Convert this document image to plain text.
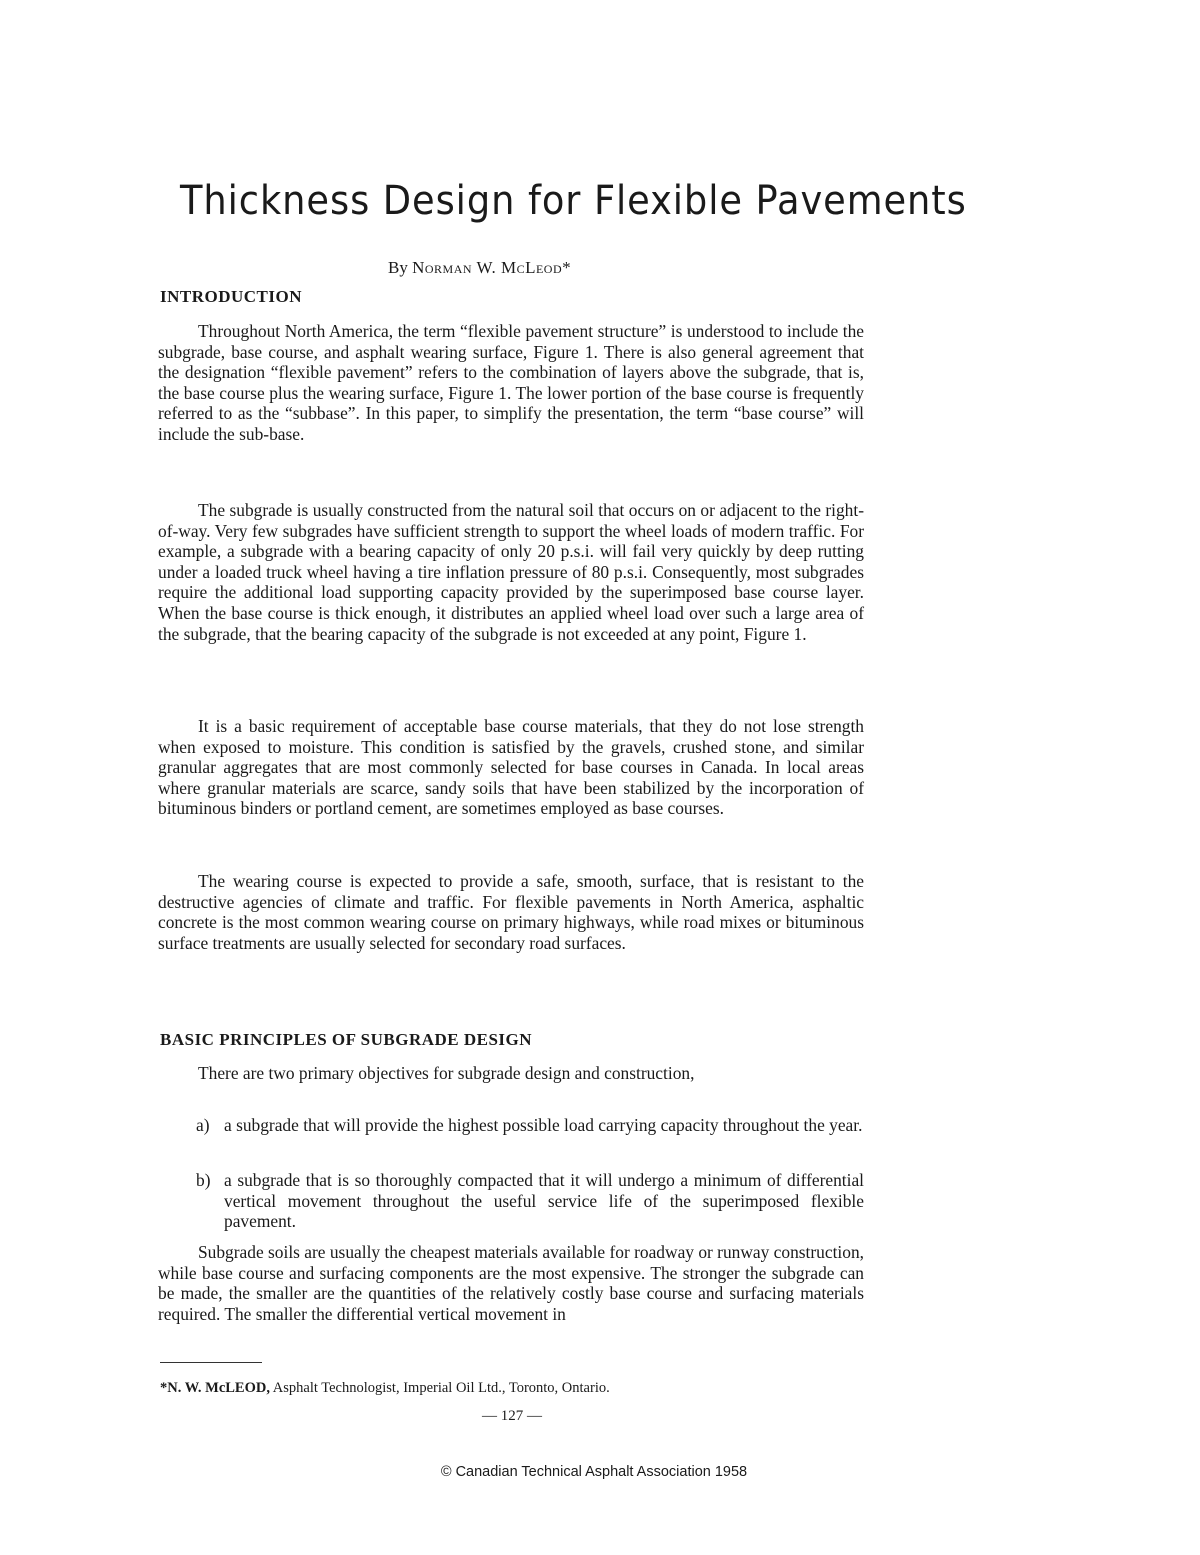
Thickness Design for Flexible Pavements
By Norman W. McLeod*
INTRODUCTION

Throughout North America, the term “flexible pavement structure” is understood to include the subgrade, base course, and asphalt wearing surface, Figure 1. There is also general agreement that the designation “flexible pavement” refers to the combination of layers above the subgrade, that is, the base course plus the wearing surface, Figure 1. The lower portion of the base course is frequently referred to as the “subbase”. In this paper, to simplify the presentation, the term “base course” will include the sub-base.

The subgrade is usually constructed from the natural soil that occurs on or adjacent to the right-of-way. Very few subgrades have sufficient strength to support the wheel loads of modern traffic. For example, a subgrade with a bearing capacity of only 20 p.s.i. will fail very quickly by deep rutting under a loaded truck wheel having a tire inflation pressure of 80 p.s.i. Consequently, most subgrades require the additional load supporting capacity provided by the superimposed base course layer. When the base course is thick enough, it distributes an applied wheel load over such a large area of the subgrade, that the bearing capacity of the subgrade is not exceeded at any point, Figure 1.

It is a basic requirement of acceptable base course materials, that they do not lose strength when exposed to moisture. This condition is satisfied by the gravels, crushed stone, and similar granular aggregates that are most commonly selected for base courses in Canada. In local areas where granular materials are scarce, sandy soils that have been stabilized by the incorporation of bituminous binders or portland cement, are sometimes employed as base courses.

The wearing course is expected to provide a safe, smooth, surface, that is resistant to the destructive agencies of climate and traffic. For flexible pavements in North America, asphaltic concrete is the most common wearing course on primary highways, while road mixes or bituminous surface treatments are usually selected for secondary road surfaces.

BASIC PRINCIPLES OF SUBGRADE DESIGN

There are two primary objectives for subgrade design and construction,

a) a subgrade that will provide the highest possible load carrying capacity throughout the year.
b) a subgrade that is so thoroughly compacted that it will undergo a minimum of differential vertical movement throughout the useful service life of the superimposed flexible pavement.

Subgrade soils are usually the cheapest materials available for roadway or runway construction, while base course and surfacing components are the most expensive. The stronger the subgrade can be made, the smaller are the quantities of the relatively costly base course and surfacing materials required. The smaller the differential vertical movement in

*N. W. McLEOD, Asphalt Technologist, Imperial Oil Ltd., Toronto, Ontario.
— 127 —
© Canadian Technical Asphalt Association 1958
